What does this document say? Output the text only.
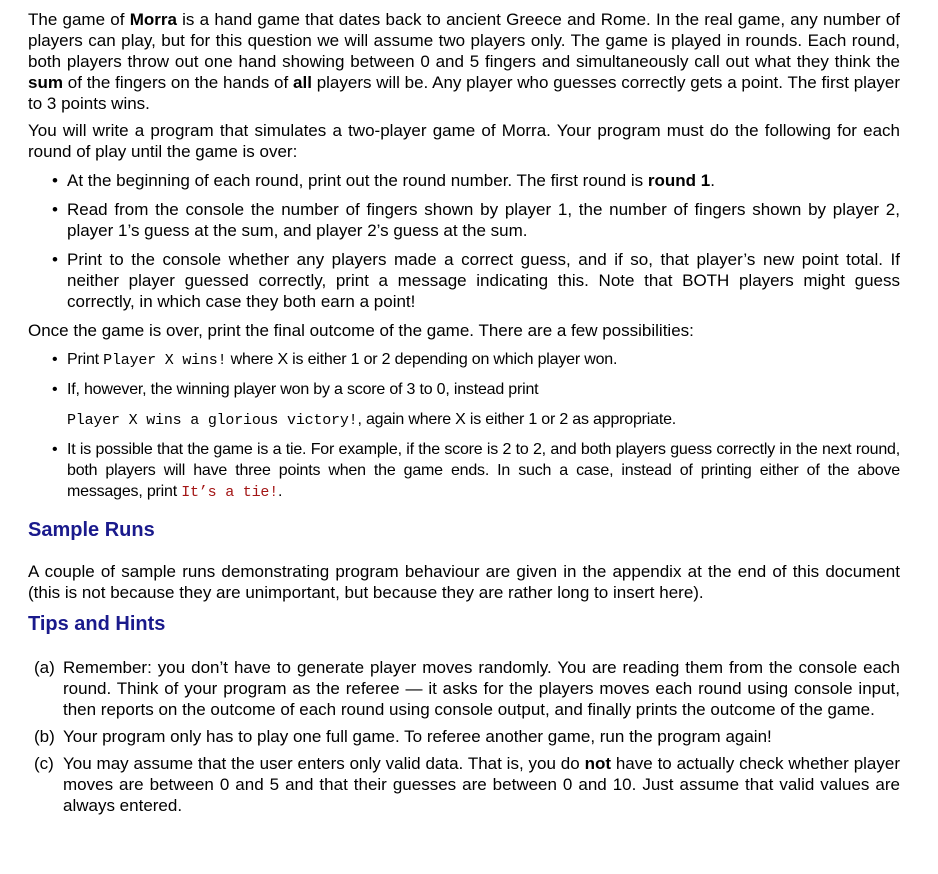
The game of Morra is a hand game that dates back to ancient Greece and Rome. In the real game, any number of players can play, but for this question we will assume two players only. The game is played in rounds. Each round, both players throw out one hand showing between 0 and 5 fingers and simultaneously call out what they think the sum of the fingers on the hands of all players will be. Any player who guesses correctly gets a point. The first player to 3 points wins.

You will write a program that simulates a two-player game of Morra. Your program must do the following for each round of play until the game is over:

• At the beginning of each round, print out the round number. The first round is round 1.
• Read from the console the number of fingers shown by player 1, the number of fingers shown by player 2, player 1’s guess at the sum, and player 2’s guess at the sum.
• Print to the console whether any players made a correct guess, and if so, that player’s new point total. If neither player guessed correctly, print a message indicating this. Note that BOTH players might guess correctly, in which case they both earn a point!

Once the game is over, print the final outcome of the game. There are a few possibilities:

• Print Player X wins! where X is either 1 or 2 depending on which player won.
• If, however, the winning player won by a score of 3 to 0, instead print
Player X wins a glorious victory!, again where X is either 1 or 2 as appropriate.
• It is possible that the game is a tie. For example, if the score is 2 to 2, and both players guess correctly in the next round, both players will have three points when the game ends. In such a case, instead of printing either of the above messages, print It’s a tie!.
Sample Runs

A couple of sample runs demonstrating program behaviour are given in the appendix at the end of this document (this is not because they are unimportant, but because they are rather long to insert here).

Tips and Hints
(a) Remember: you don’t have to generate player moves randomly. You are reading them from the console each round. Think of your program as the referee — it asks for the players moves each round using console input, then reports on the outcome of each round using console output, and finally prints the outcome of the game.
(b) Your program only has to play one full game. To referee another game, run the program again!
(c) You may assume that the user enters only valid data. That is, you do not have to actually check whether player moves are between 0 and 5 and that their guesses are between 0 and 10. Just assume that valid values are always entered.
